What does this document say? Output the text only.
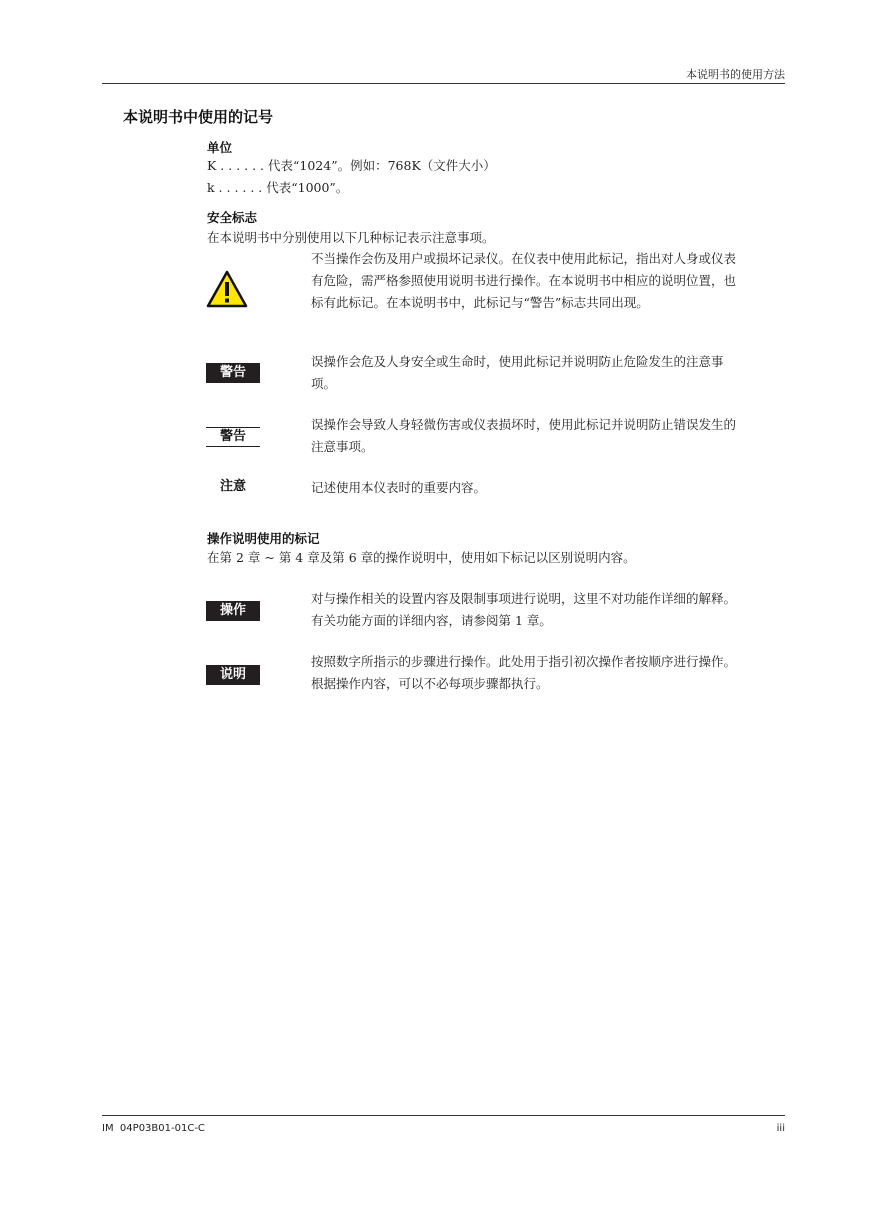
本说明书的使用方法
本说明书中使用的记号
单位
K . . . . . . 代表“1024”。例如：768K（文件大小）
k . . . . . . 代表“1000”。
安全标志
在本说明书中分别使用以下几种标记表示注意事项。
不当操作会伤及用户或损坏记录仪。在仪表中使用此标记，指出对人身或仪表有危险，需严格参照使用说明书进行操作。在本说明书中相应的说明位置，也标有此标记。在本说明书中，此标记与“警告”标志共同出现。
警告
误操作会危及人身安全或生命时，使用此标记并说明防止危险发生的注意事项。
警告
误操作会导致人身轻微伤害或仪表损坏时，使用此标记并说明防止错误发生的注意事项。
注意	记述使用本仪表时的重要内容。
操作说明使用的标记
在第 2 章 ~ 第 4 章及第 6 章的操作说明中，使用如下标记以区别说明内容。
操作
对与操作相关的设置内容及限制事项进行说明，这里不对功能作详细的解释。有关功能方面的详细内容，请参阅第 1 章。
说明
按照数字所指示的步骤进行操作。此处用于指引初次操作者按顺序进行操作。根据操作内容，可以不必每项步骤都执行。
IM  04P03B01-01C-C	iii
